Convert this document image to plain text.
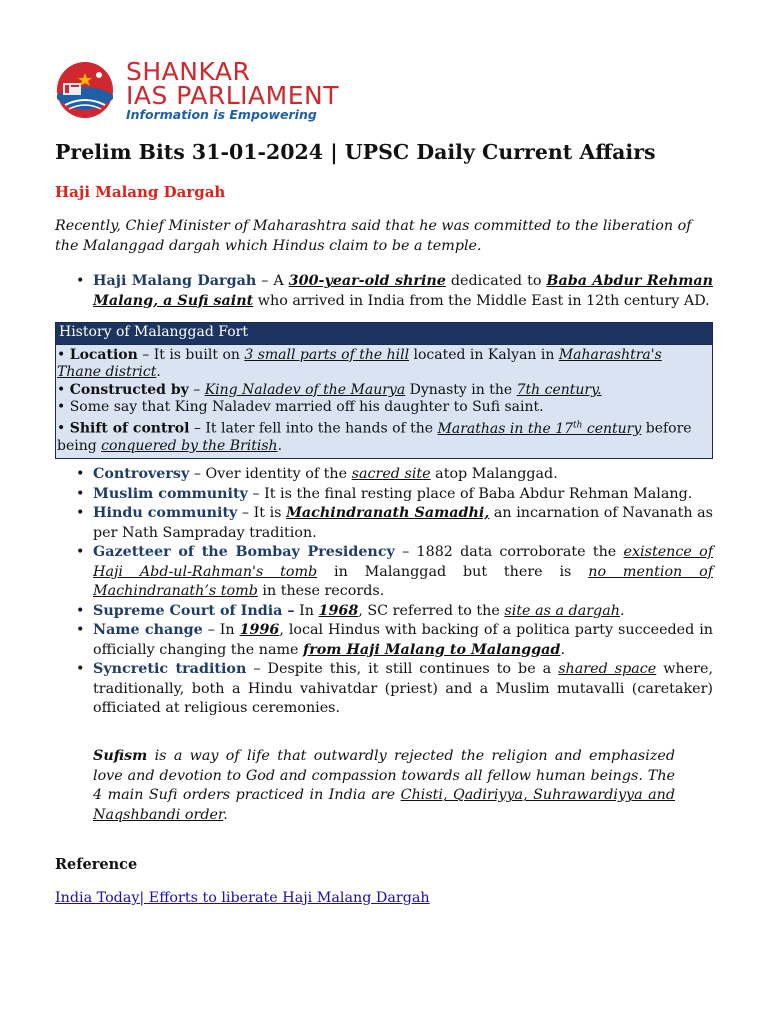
SHANKAR
IAS PARLIAMENT
Information is Empowering
Prelim Bits 31-01-2024 | UPSC Daily Current Affairs

Haji Malang Dargah

Recently, Chief Minister of Maharashtra said that he was committed to the liberation of the Malanggad dargah which Hindus claim to be a temple.

• Haji Malang Dargah – A 300-year-old shrine dedicated to Baba Abdur Rehman Malang, a Sufi saint who arrived in India from the Middle East in 12th century AD.
History of Malanggad Fort

• Location – It is built on 3 small parts of the hill located in Kalyan in Maharashtra's Thane district.

• Constructed by – King Naladev of the Maurya Dynasty in the 7th century.

• Some say that King Naladev married off his daughter to Sufi saint.

• Shift of control – It later fell into the hands of the Marathas in the 17th century before being conquered by the British.

• Controversy – Over identity of the sacred site atop Malanggad.
• Muslim community – It is the final resting place of Baba Abdur Rehman Malang.
• Hindu community – It is Machindranath Samadhi, an incarnation of Navanath as per Nath Sampraday tradition.
• Gazetteer of the Bombay Presidency – 1882 data corroborate the existence of Haji Abd-ul-Rahman's tomb in Malanggad but there is no mention of Machindranath’s tomb in these records.
• Supreme Court of India – In 1968, SC referred to the site as a dargah.
• Name change – In 1996, local Hindus with backing of a politica party succeeded in officially changing the name from Haji Malang to Malanggad.
• Syncretic tradition – Despite this, it still continues to be a shared space where, traditionally, both a Hindu vahivatdar (priest) and a Muslim mutavalli (caretaker) officiated at religious ceremonies.

Sufism is a way of life that outwardly rejected the religion and emphasized love and devotion to God and compassion towards all fellow human beings. The 4 main Sufi orders practiced in India are Chisti, Qadiriyya, Suhrawardiyya and Naqshbandi order.

Reference

India Today| Efforts to liberate Haji Malang Dargah
